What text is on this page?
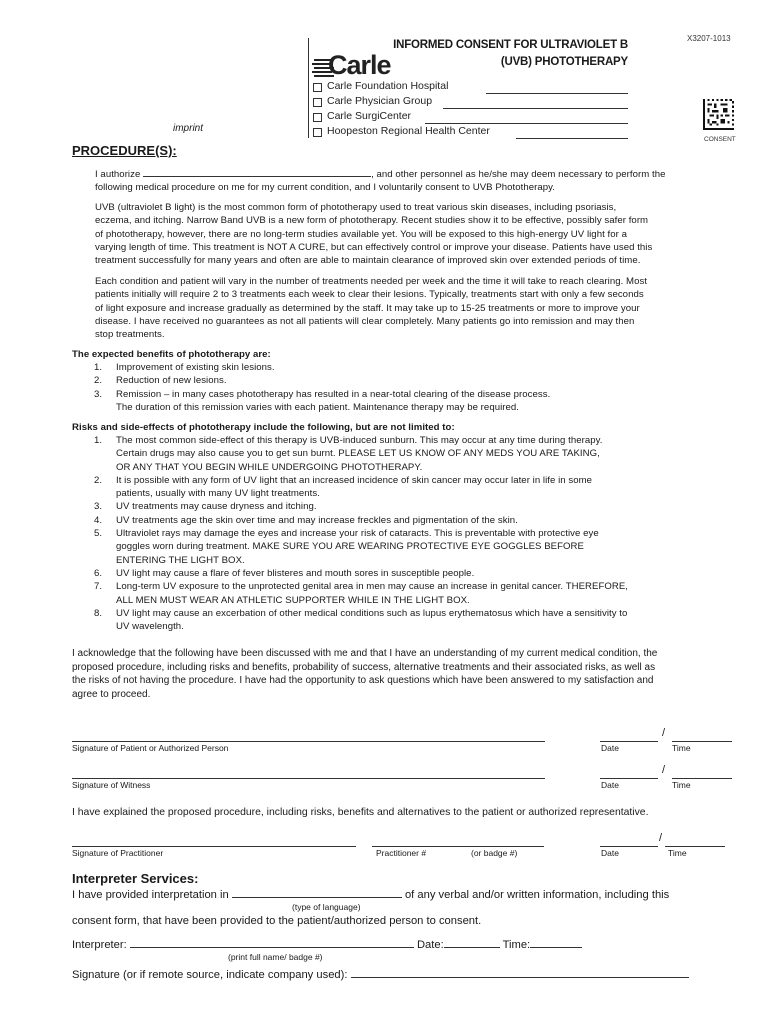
Carle
INFORMED CONSENT FOR ULTRAVIOLET B
(UVB) PHOTOTHERAPY
X3207-1013
CONSENT
imprint
Carle Foundation Hospital
Carle Physician Group
Carle SurgiCenter
Hoopeston Regional Health Center
PROCEDURE(S):
I authorize	, and other personnel as he/she may deem necessary to perform the
following medical procedure on me for my current condition, and I voluntarily consent to UVB Phototherapy.
UVB (ultraviolet B light) is the most common form of phototherapy used to treat various skin diseases, including psoriasis,
eczema, and itching. Narrow Band UVB is a new form of phototherapy. Recent studies show it to be effective, possibly safer form
of phototherapy, however, there are no long-term studies available yet. You will be exposed to this high-energy UV light for a
varying length of time. This treatment is NOT A CURE, but can effectively control or improve your disease. Patients have used this
treatment successfully for many years and often are able to maintain clearance of improved skin over extended periods of time.
Each condition and patient will vary in the number of treatments needed per week and the time it will take to reach clearing. Most
patients initially will require 2 to 3 treatments each week to clear their lesions. Typically, treatments start with only a few seconds
of light exposure and increase gradually as determined by the staff. It may take up to 15-25 treatments or more to improve your
disease. I have received no guarantees as not all patients will clear completely. Many patients go into remission and may then
stop treatments.
The expected benefits of phototherapy are:
1. Improvement of existing skin lesions.
2. Reduction of new lesions.
3. Remission – in many cases phototherapy has resulted in a near-total clearing of the disease process.
The duration of this remission varies with each patient. Maintenance therapy may be required.
Risks and side-effects of phototherapy include the following, but are not limited to:
1. The most common side-effect of this therapy is UVB-induced sunburn. This may occur at any time during therapy.
Certain drugs may also cause you to get sun burnt. PLEASE LET US KNOW OF ANY MEDS YOU ARE TAKING,
OR ANY THAT YOU BEGIN WHILE UNDERGOING PHOTOTHERAPY.
2. It is possible with any form of UV light that an increased incidence of skin cancer may occur later in life in some
patients, usually with many UV light treatments.
3. UV treatments may cause dryness and itching.
4. UV treatments age the skin over time and may increase freckles and pigmentation of the skin.
5. Ultraviolet rays may damage the eyes and increase your risk of cataracts. This is preventable with protective eye
goggles worn during treatment. MAKE SURE YOU ARE WEARING PROTECTIVE EYE GOGGLES BEFORE
ENTERING THE LIGHT BOX.
6. UV light may cause a flare of fever blisteres and mouth sores in susceptible people.
7. Long-term UV exposure to the unprotected genital area in men may cause an increase in genital cancer. THEREFORE,
ALL MEN MUST WEAR AN ATHLETIC SUPPORTER WHILE IN THE LIGHT BOX.
8. UV light may cause an excerbation of other medical conditions such as lupus erythematosus which have a sensitivity to
UV wavelength.
I acknowledge that the following have been discussed with me and that I have an understanding of my current medical condition, the
proposed procedure, including risks and benefits, probability of success, alternative treatments and their associated risks, as well as
the risks of not having the procedure. I have had the opportunity to ask questions which have been answered to my satisfaction and
agree to proceed.
Signature of Patient or Authorized Person
/
Date	Time
Signature of Witness
/
Date	Time
I have explained the proposed procedure, including risks, benefits and alternatives to the patient or authorized representative.
Signature of Practitioner	Practitioner #	(or badge #)
/
Date	Time
Interpreter Services:
I have provided interpretation in	of any verbal and/or written information, including this
(type of language)
consent form, that have been provided to the patient/authorized person to consent.
Interpreter:	Date:	Time:
(print full name/ badge #)
Signature (or if remote source, indicate company used):
